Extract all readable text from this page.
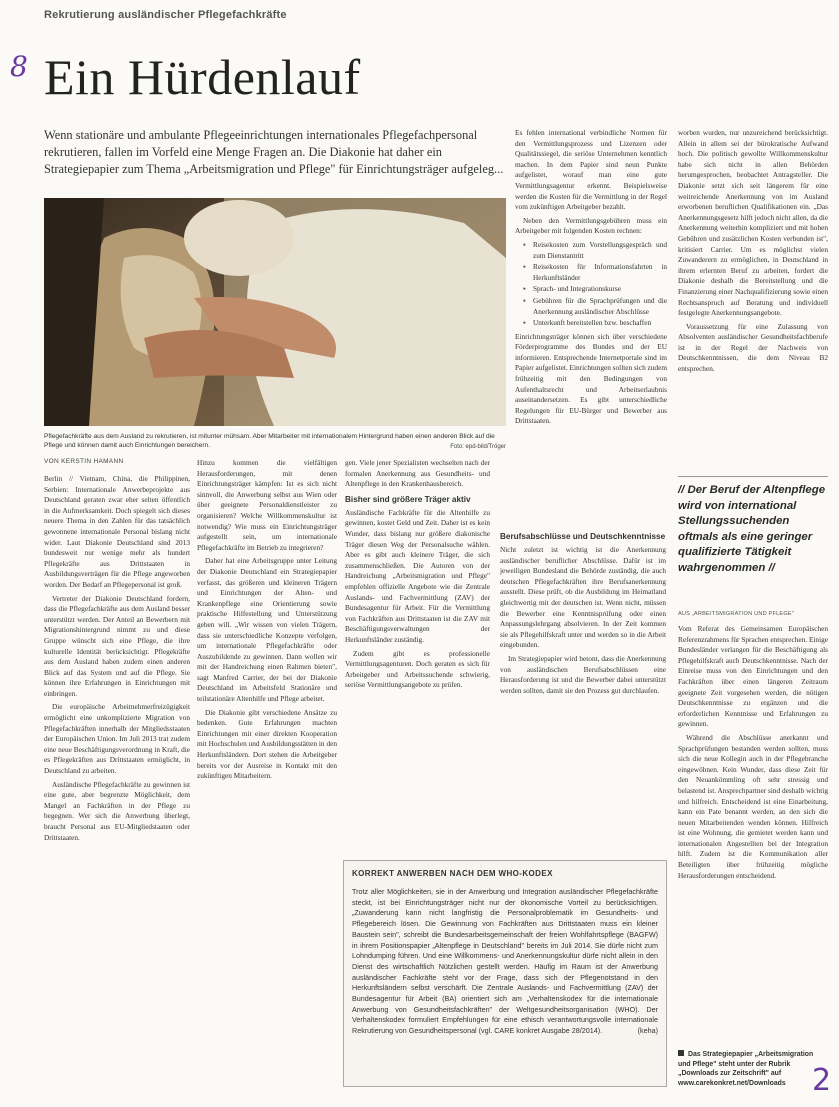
Rekrutierung ausländischer Pflegefachkräfte
8 Ein Hürdenlauf
Wenn stationäre und ambulante Pflegeeinrichtungen internationales Pflegefachpersonal rekrutieren, fallen im Vorfeld eine Menge Fragen an. Die Diakonie hat daher ein Strategiepapier zum Thema „Arbeitsmigration und Pflege" für Einrichtungsträger aufgeleg...
Pflegefachkräfte aus dem Ausland zu rekrutieren, ist mitunter mühsam. Aber Mitarbeiter mit internationalem Hintergrund haben einen anderen Blick auf die Pflege und können damit auch Einrichtungen bereichern.	Foto: epd-bild/Tröger
VON KERSTIN HAMANN

Berlin // Vietnam, China, die Philippinen, Serbien: Internationale Anwerbeprojekte aus Deutschland geraten zwar eher selten öffentlich in die Aufmerksamkeit. Doch spiegelt sich dieses neuere Thema in den Zahlen für das tatsächlich gewonnene internationale Personal bislang nicht wider. Laut Diakonie Deutschland sind 2013 bundesweit nur wenige mehr als hundert Pflegekräfte aus Drittstaaten in Ausbildungsverträgen für die Pflege angeworben worden. Der Bedarf an Pflegepersonal ist groß.

Vertreter der Diakonie Deutschland fordern, dass die Pflegefachkräfte aus dem Ausland besser unterstützt werden. Der Anteil an Bewerbern mit Migrationshintergrund nimmt zu und diese Gruppe wünscht sich eine Pflege, die ihre kulturelle Identität berücksichtigt. Pflegekräfte aus dem Ausland haben zudem einen anderen Blick auf das System und auf die Pflege. Sie können ihre Erfahrungen in Einrichtungen mit einbringen.

Die europäische Arbeitnehmerfreizügigkeit ermöglicht eine unkomplizierte Migration von Pflegefachkräften innerhalb der Mitgliedsstaaten der Europäischen Union. Im Juli 2013 trat zudem eine neue Beschäftigungsverordnung in Kraft, die es Pflegekräften aus Drittstaaten ermöglicht, in Deutschland zu arbeiten.

Ausländische Pflegefachkräfte zu gewinnen ist eine gute, aber begrenzte Möglichkeit, dem Mangel an Fachkräften in der Pflege zu begegnen. Wer sich die Anwerbung überlegt, braucht Personal aus EU-Mitgliedstaaten oder Drittstaaten.

Hinzu kommen die vielfältigen Herausforderungen, mit denen Einrichtungsträger kämpfen: Ist es sich nicht sinnvoll, die Anwerbung selbst aus Wien oder über geeignete Personaldienstleister zu organisieren? Welche Willkommenskultur ist notwendig? Wie muss ein Einrichtungsträger aufgestellt sein, um internationale Pflegefachkräfte im Betrieb zu integrieren?

Daher hat eine Arbeitsgruppe unter Leitung der Diakonie Deutschland ein Strategiepapier verfasst, das größeren und kleineren Trägern und Einrichtungen der Alten- und Krankenpflege eine Orientierung sowie praktische Hilfestellung und Unterstützung geben will. „Wir wissen von vielen Trägern, dass sie unterschiedliche Konzepte verfolgen, um internationale Pflegefachkräfte oder Auszubildende zu gewinnen. Dann wollen wir mit der Handreichung einen Rahmen bieten", sagt Manfred Carrier, der bei der Diakonie Deutschland im Arbeitsfeld Stationäre und teilstationäre Altenhilfe und Pflege arbeitet.

Die Diakonie gibt verschiedene Ansätze zu bedenken. Gute Erfahrungen machten Einrichtungen mit einer direkten Kooperation mit Hochschulen und Ausbildungsstätten in den Herkunftsländern. Dort stehen die Arbeitgeber bereits vor der Ausreise in Kontakt mit den zukünftigen Mitarbeitern.

gen. Viele jener Spezialisten wechselten nach der formalen Anerkennung aus Gesundheits- und Altenpflege in den Krankenhausbereich.

Bisher sind größere Träger aktiv

Ausländische Fachkräfte für die Altenhilfe zu gewinnen, kostet Geld und Zeit. Daher ist es kein Wunder, dass bislang nur größere diakonische Träger diesen Weg der Personalsuche wählen. Aber es gibt auch kleinere Träger, die sich zusammenschließen. Die Autoren von der Handreichung „Arbeitsmigration und Pflege" empfehlen offizielle Angebote wie die Zentrale Auslands- und Fachvermittlung (ZAV) der Bundesagentur für Arbeit. Für die Vermittlung von Fachkräften aus Drittstaaten ist die ZAV mit Beschäftigungsverwaltungen der Herkunftsländer zuständig.

Zudem gibt es professionelle Vermittlungsagenturen. Doch geraten es sich für Arbeitgeber und Arbeitssuchende schwierig, seriöse Vermittlungsangebote zu prüfen.

Berufsabschlüsse und Deutschkenntnisse

Nicht zuletzt ist wichtig ist die Anerkennung ausländischer beruflicher Abschlüsse. Dafür ist im jeweiligen Bundesland die Behörde zuständig, die auch deutschen Pflegefachkräften ihre Berufsanerkennung ausstellt. Diese prüft, ob die Ausbildung im Heimatland gleichwertig mit der deutschen ist. Wenn nicht, müssen die Bewerber eine Kenntnisprüfung oder einen Anpassungslehrgang absolvieren. In der Zeit kommen sie als Pflegehilfskraft unter und werden so in die Arbeit eingebunden.

Im Strategiepapier wird betont, dass die Anerkennung von ausländischen Berufsabschlüssen eine Herausforderung ist und die Bewerber dabei unterstützt werden sollten, damit sie den Prozess gut durchlaufen.

Es fehlen international verbindliche Normen für den Vermittlungsprozess und Lizenzen oder Qualitätssiegel, die seriöse Unternehmen kenntlich machen. In dem Papier sind neun Punkte aufgelistet, worauf man eine gute Vermittlungsagentur erkennt. Beispielsweise werden die Kosten für die Vermittlung in der Regel vom zukünftigen Arbeitgeber bezahlt.

Neben den Vermittlungsgebühren muss ein Arbeitgeber mit folgenden Kosten rechnen:

▪ Reisekosten zum Vorstellungsgespräch und zum Dienstantritt
▪ Reisekosten für Informationsfahrten in Herkunftsländer
▪ Sprach- und Integrationskurse
▪ Gebühren für die Sprachprüfungen und die Anerkennung ausländischer Abschlüsse
▪ Unterkunft bereitstellen bzw. beschaffen

Einrichtungsträger können sich über verschiedene Förderprogramme des Bundes und der EU informieren. Entsprechende Internetportale sind im Papier aufgelistet. Einrichtungen sollten sich zudem frühzeitig mit den Bedingungen von Aufenthaltsrecht und Arbeitserlaubnis auseinandersetzen. Es gibt unterschiedliche Regelungen für EU-Bürger und Bewerber aus Drittstaaten.

worben wurden, nur unzureichend berücksichtigt. Allein in allem sei der bürokratische Aufwand hoch. Die politisch gewollte Willkommenskultur habe sich nicht in allen Behörden herumgesprochen, beobachtet Antragsteller. Die Diakonie setzt sich seit längerem für eine weitreichende Anerkennung von im Ausland erworbenen beruflichen Qualifikationen ein. „Das Anerkennungsgesetz hilft jedoch nicht allen, da die Anerkennung weiterhin kompliziert und mit hohen Gebühren und zusätzlichen Kosten verbunden ist", kritisiert Carrier. Um es möglichst vielen Zuwanderern zu ermöglichen, in Deutschland in ihrem erlernten Beruf zu arbeiten, fordert die Diakonie deshalb die Bereitstellung und die Finanzierung einer Nachqualifizierung sowie einen Rechtsanspruch auf Beratung und individuell festgelegte Anerkennungsangebote.

Voraussetzung für eine Zulassung von Absolventen ausländischer Gesundheitsfachberufe ist in der Regel der Nachweis von Deutschkenntnissen, die dem Niveau B2 entsprechen.

// Der Beruf der Altenpflege wird von international Stellungssuchenden oftmals als eine geringer qualifizierte Tätigkeit wahrgenommen //
AUS „ARBEITSMIGRATION UND PFLEGE"

Vom Referat des Gemeinsamen Europäischen Referenzrahmens für Sprachen entsprechen. Einige Bundesländer verlangen für die Beschäftigung als Pflegehilfskraft auch Deutschkenntnisse. Nach der Einreise muss von den Einrichtungen und den Fachkräften über einen längeren Zeitraum geeignete Zeit vorgesehen werden, die nötigen Deutschkenntnisse zu ergänzen und die erforderlichen Kenntnisse und Erfahrungen zu gewinnen.

Während die Abschlüsse anerkannt und Sprachprüfungen bestanden werden sollten, muss sich die neue Kollegin auch in der Pflegebranche eingewöhnen. Kein Wunder, dass diese Zeit für den Neuankömmling oft sehr stressig und belastend ist. Ansprechpartner sind deshalb wichtig und hilfreich. Entscheidend ist eine Einarbeitung, kann ein Pate benannt werden, an den sich die neuen Mitarbeitenden wenden können. Hilfreich ist eine Wohnung, die gemietet werden kann und internationalen Angestellten bei der Integration hilft. Zudem ist die Kommunikation aller Beteiligten über frühzeitig mögliche Herausforderungen entscheidend.

KORREKT ANWERBEN NACH DEM WHO-KODEX
Trotz aller Möglichkeiten, sie in der Anwerbung und Integration ausländischer Pflegefachkräfte steckt, ist bei Einrichtungsträger nicht nur der ökonomische Vorteil zu berücksichtigen. „Zuwanderung kann nicht langfristig die Personalproblematik im Gesundheits- und Pflegebereich lösen. Die Gewinnung von Fachkräften aus Drittstaaten muss ein kleiner Baustein sein", schreibt die Bundesarbeitsgemeinschaft der freien Wohlfahrtspflege (BAGFW) in ihrem Positionspapier „Altenpflege in Deutschland" bereits im Juli 2014. Sie dürfe nicht zum Lohndumping führen. Und eine Willkommens- und Anerkennungskultur dürfe nicht allein in den Dienst des wirtschaftlich Nützlichen gestellt werden. Häufig im Raum ist der Anwerbung ausländischer Fachkräfte steht vor der Frage, dass sich der Pflegenotstand in den Herkunftsländern selbst verschärft. Die Zentrale Auslands- und Fachvermittlung (ZAV) der Bundesagentur für Arbeit (BA) orientiert sich am „Verhaltenskodex für die internationale Anwerbung von Gesundheitsfachkräften" der Weltgesundheitsorganisation (WHO). Der Verhaltenskodex formuliert Empfehlungen für eine ethisch verantwortungsvolle internationale Rekrutierung von Gesundheitspersonal (vgl. CARE konkret Ausgabe 28/2014).	(keha)
Das Strategiepapier „Arbeitsmigration und Pflege" steht unter der Rubrik „Downloads zur Zeitschrift" auf www.carekonkret.net/Downloads 2
